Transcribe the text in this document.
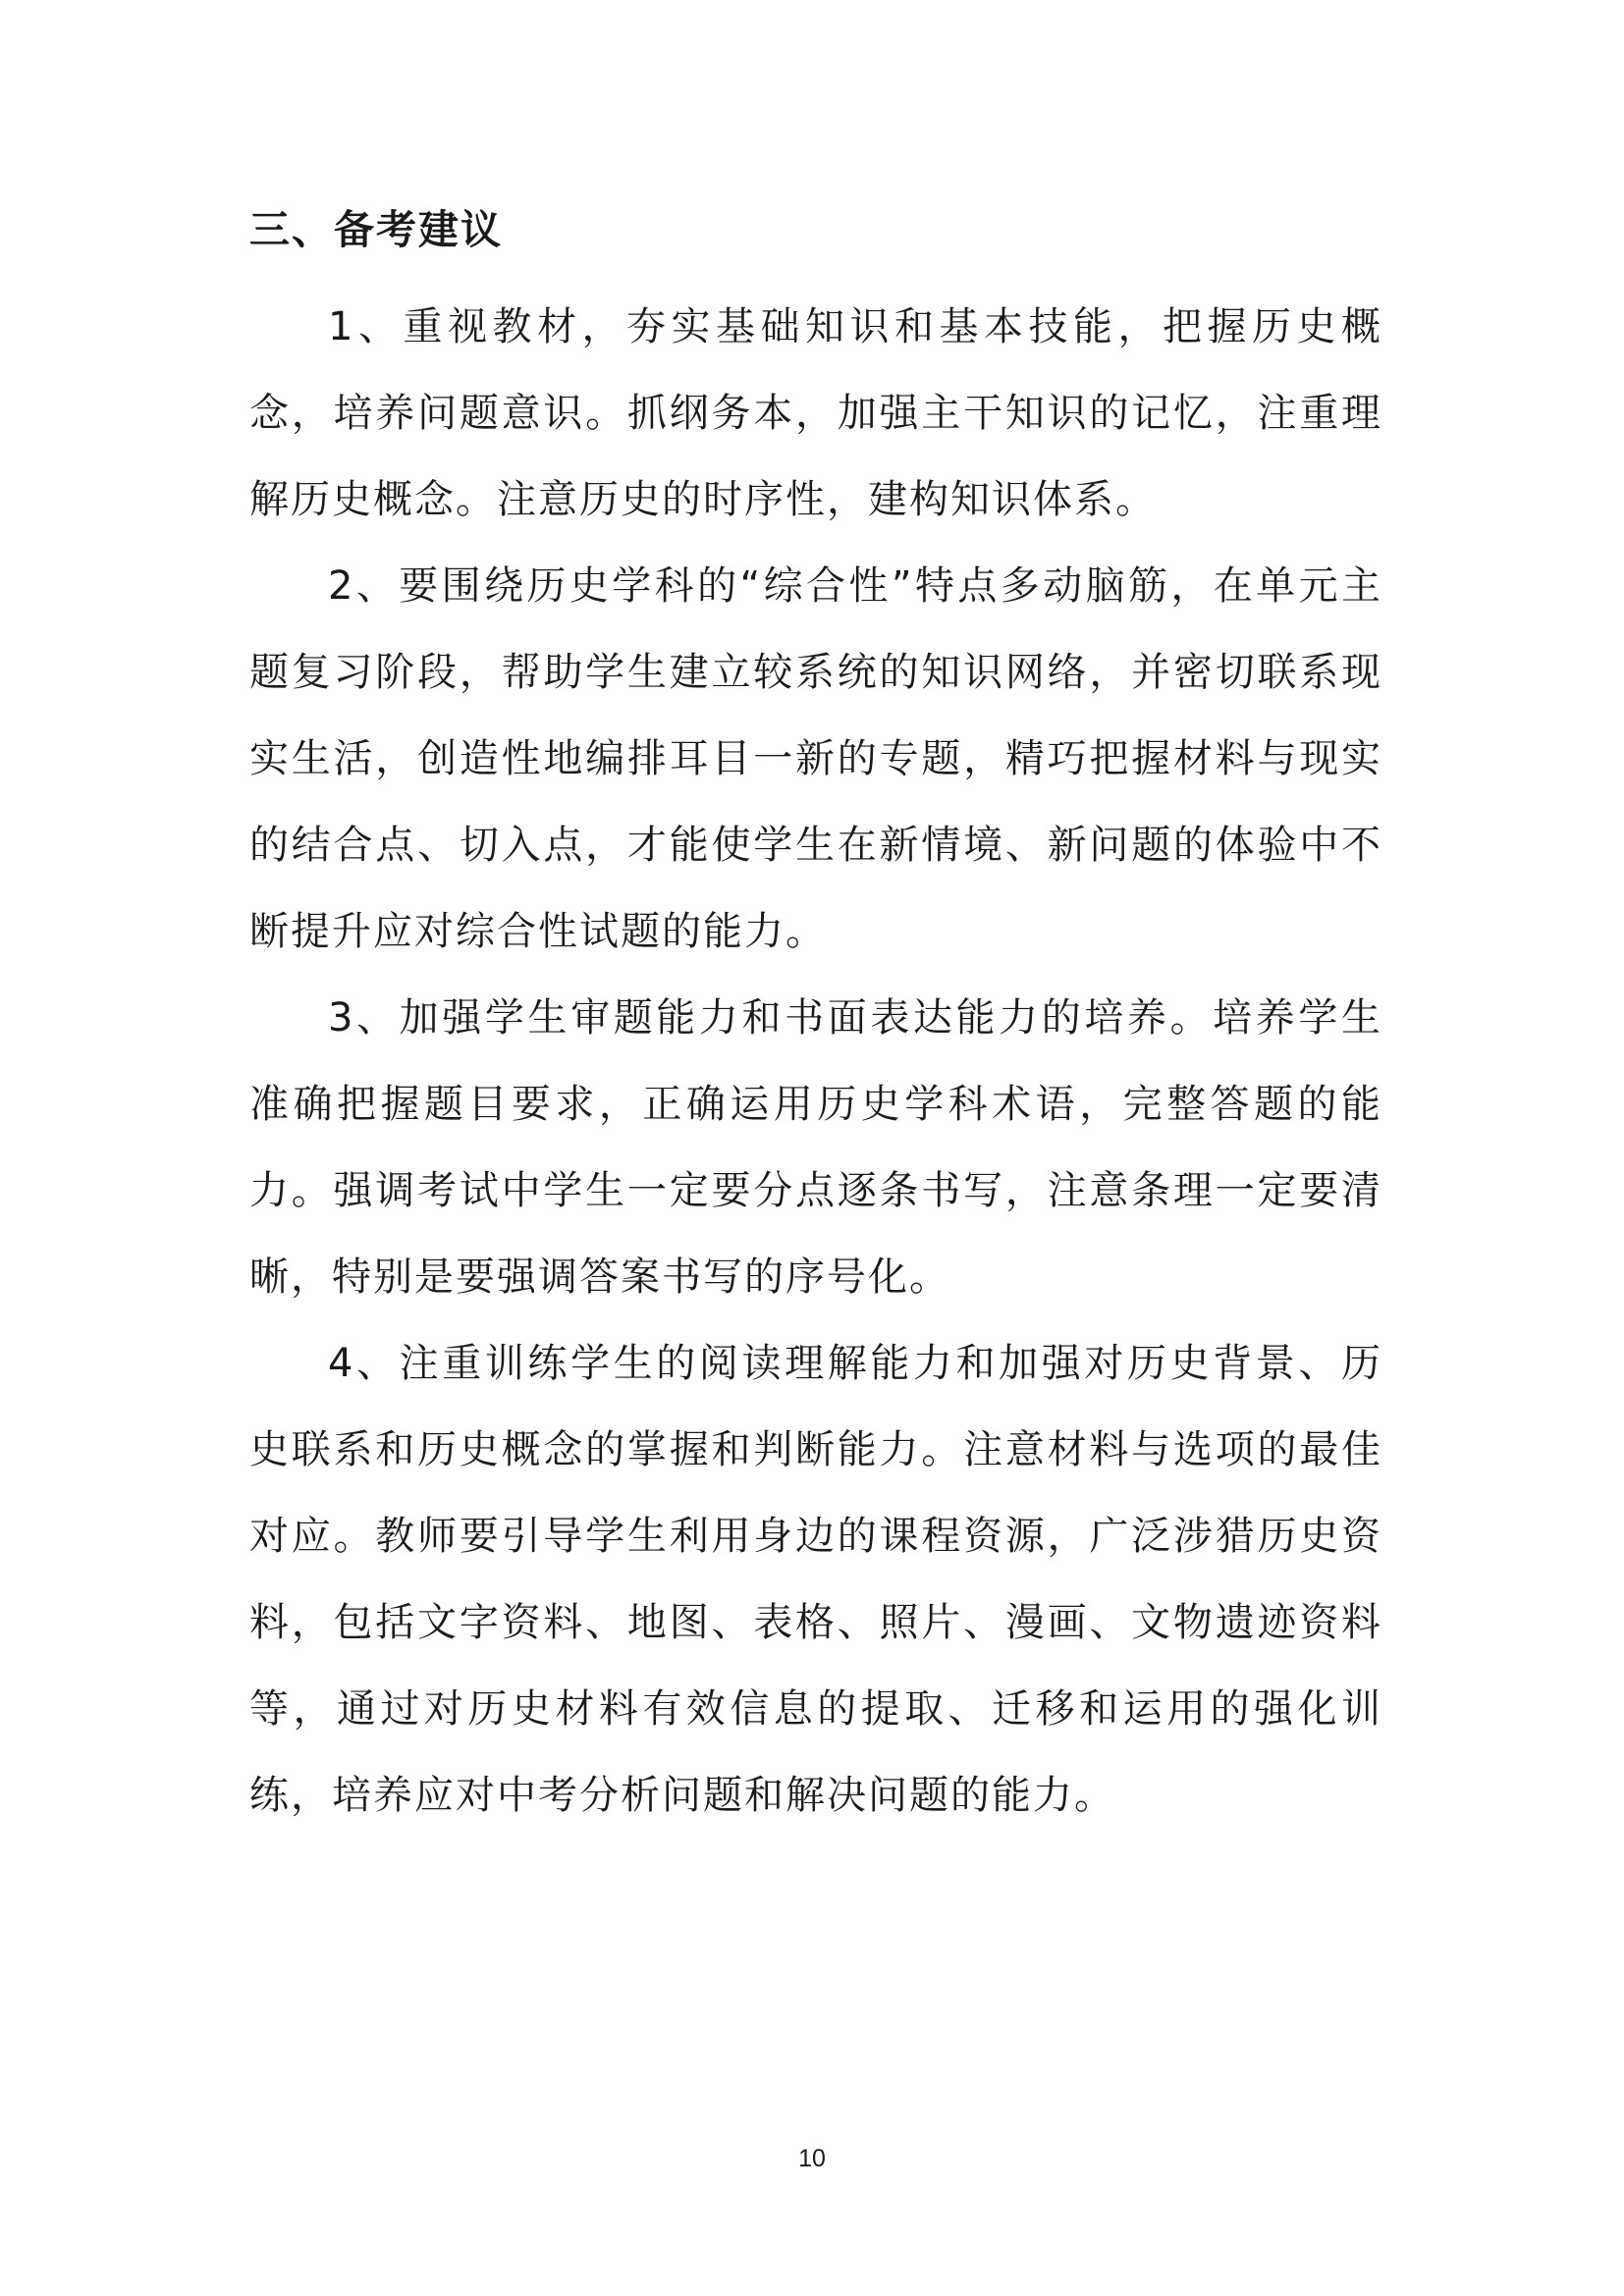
三、备考建议

1、重视教材，夯实基础知识和基本技能，把握历史概念，培养问题意识。抓纲务本，加强主干知识的记忆，注重理解历史概念。注意历史的时序性，建构知识体系。

2、要围绕历史学科的“综合性”特点多动脑筋，在单元主题复习阶段，帮助学生建立较系统的知识网络，并密切联系现实生活，创造性地编排耳目一新的专题，精巧把握材料与现实的结合点、切入点，才能使学生在新情境、新问题的体验中不断提升应对综合性试题的能力。

3、加强学生审题能力和书面表达能力的培养。培养学生准确把握题目要求，正确运用历史学科术语，完整答题的能力。强调考试中学生一定要分点逐条书写，注意条理一定要清晰，特别是要强调答案书写的序号化。

4、注重训练学生的阅读理解能力和加强对历史背景、历史联系和历史概念的掌握和判断能力。注意材料与选项的最佳对应。教师要引导学生利用身边的课程资源，广泛涉猎历史资料，包括文字资料、地图、表格、照片、漫画、文物遗迹资料等，通过对历史材料有效信息的提取、迁移和运用的强化训练，培养应对中考分析问题和解决问题的能力。

10
